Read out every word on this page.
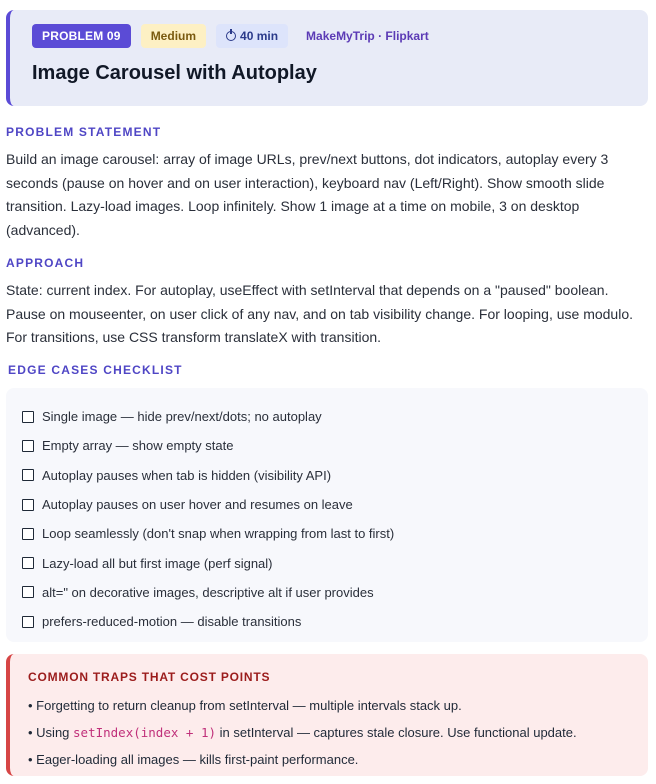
PROBLEM 09	Medium	40 min	MakeMyTrip · Flipkart
Image Carousel with Autoplay
PROBLEM STATEMENT

Build an image carousel: array of image URLs, prev/next buttons, dot indicators, autoplay every 3 seconds (pause on hover and on user interaction), keyboard nav (Left/Right). Show smooth slide transition. Lazy-load images. Loop infinitely. Show 1 image at a time on mobile, 3 on desktop (advanced).

APPROACH

State: current index. For autoplay, useEffect with setInterval that depends on a "paused" boolean. Pause on mouseenter, on user click of any nav, and on tab visibility change. For looping, use modulo. For transitions, use CSS transform translateX with transition.

EDGE CASES CHECKLIST
Single image — hide prev/next/dots; no autoplay
Empty array — show empty state
Autoplay pauses when tab is hidden (visibility API)
Autoplay pauses on user hover and resumes on leave
Loop seamlessly (don't snap when wrapping from last to first)
Lazy-load all but first image (perf signal)
alt=" on decorative images, descriptive alt if user provides
prefers-reduced-motion — disable transitions
COMMON TRAPS THAT COST POINTS
• Forgetting to return cleanup from setInterval — multiple intervals stack up.
• Using setIndex(index + 1) in setInterval — captures stale closure. Use functional update.
• Eager-loading all images — kills first-paint performance.
